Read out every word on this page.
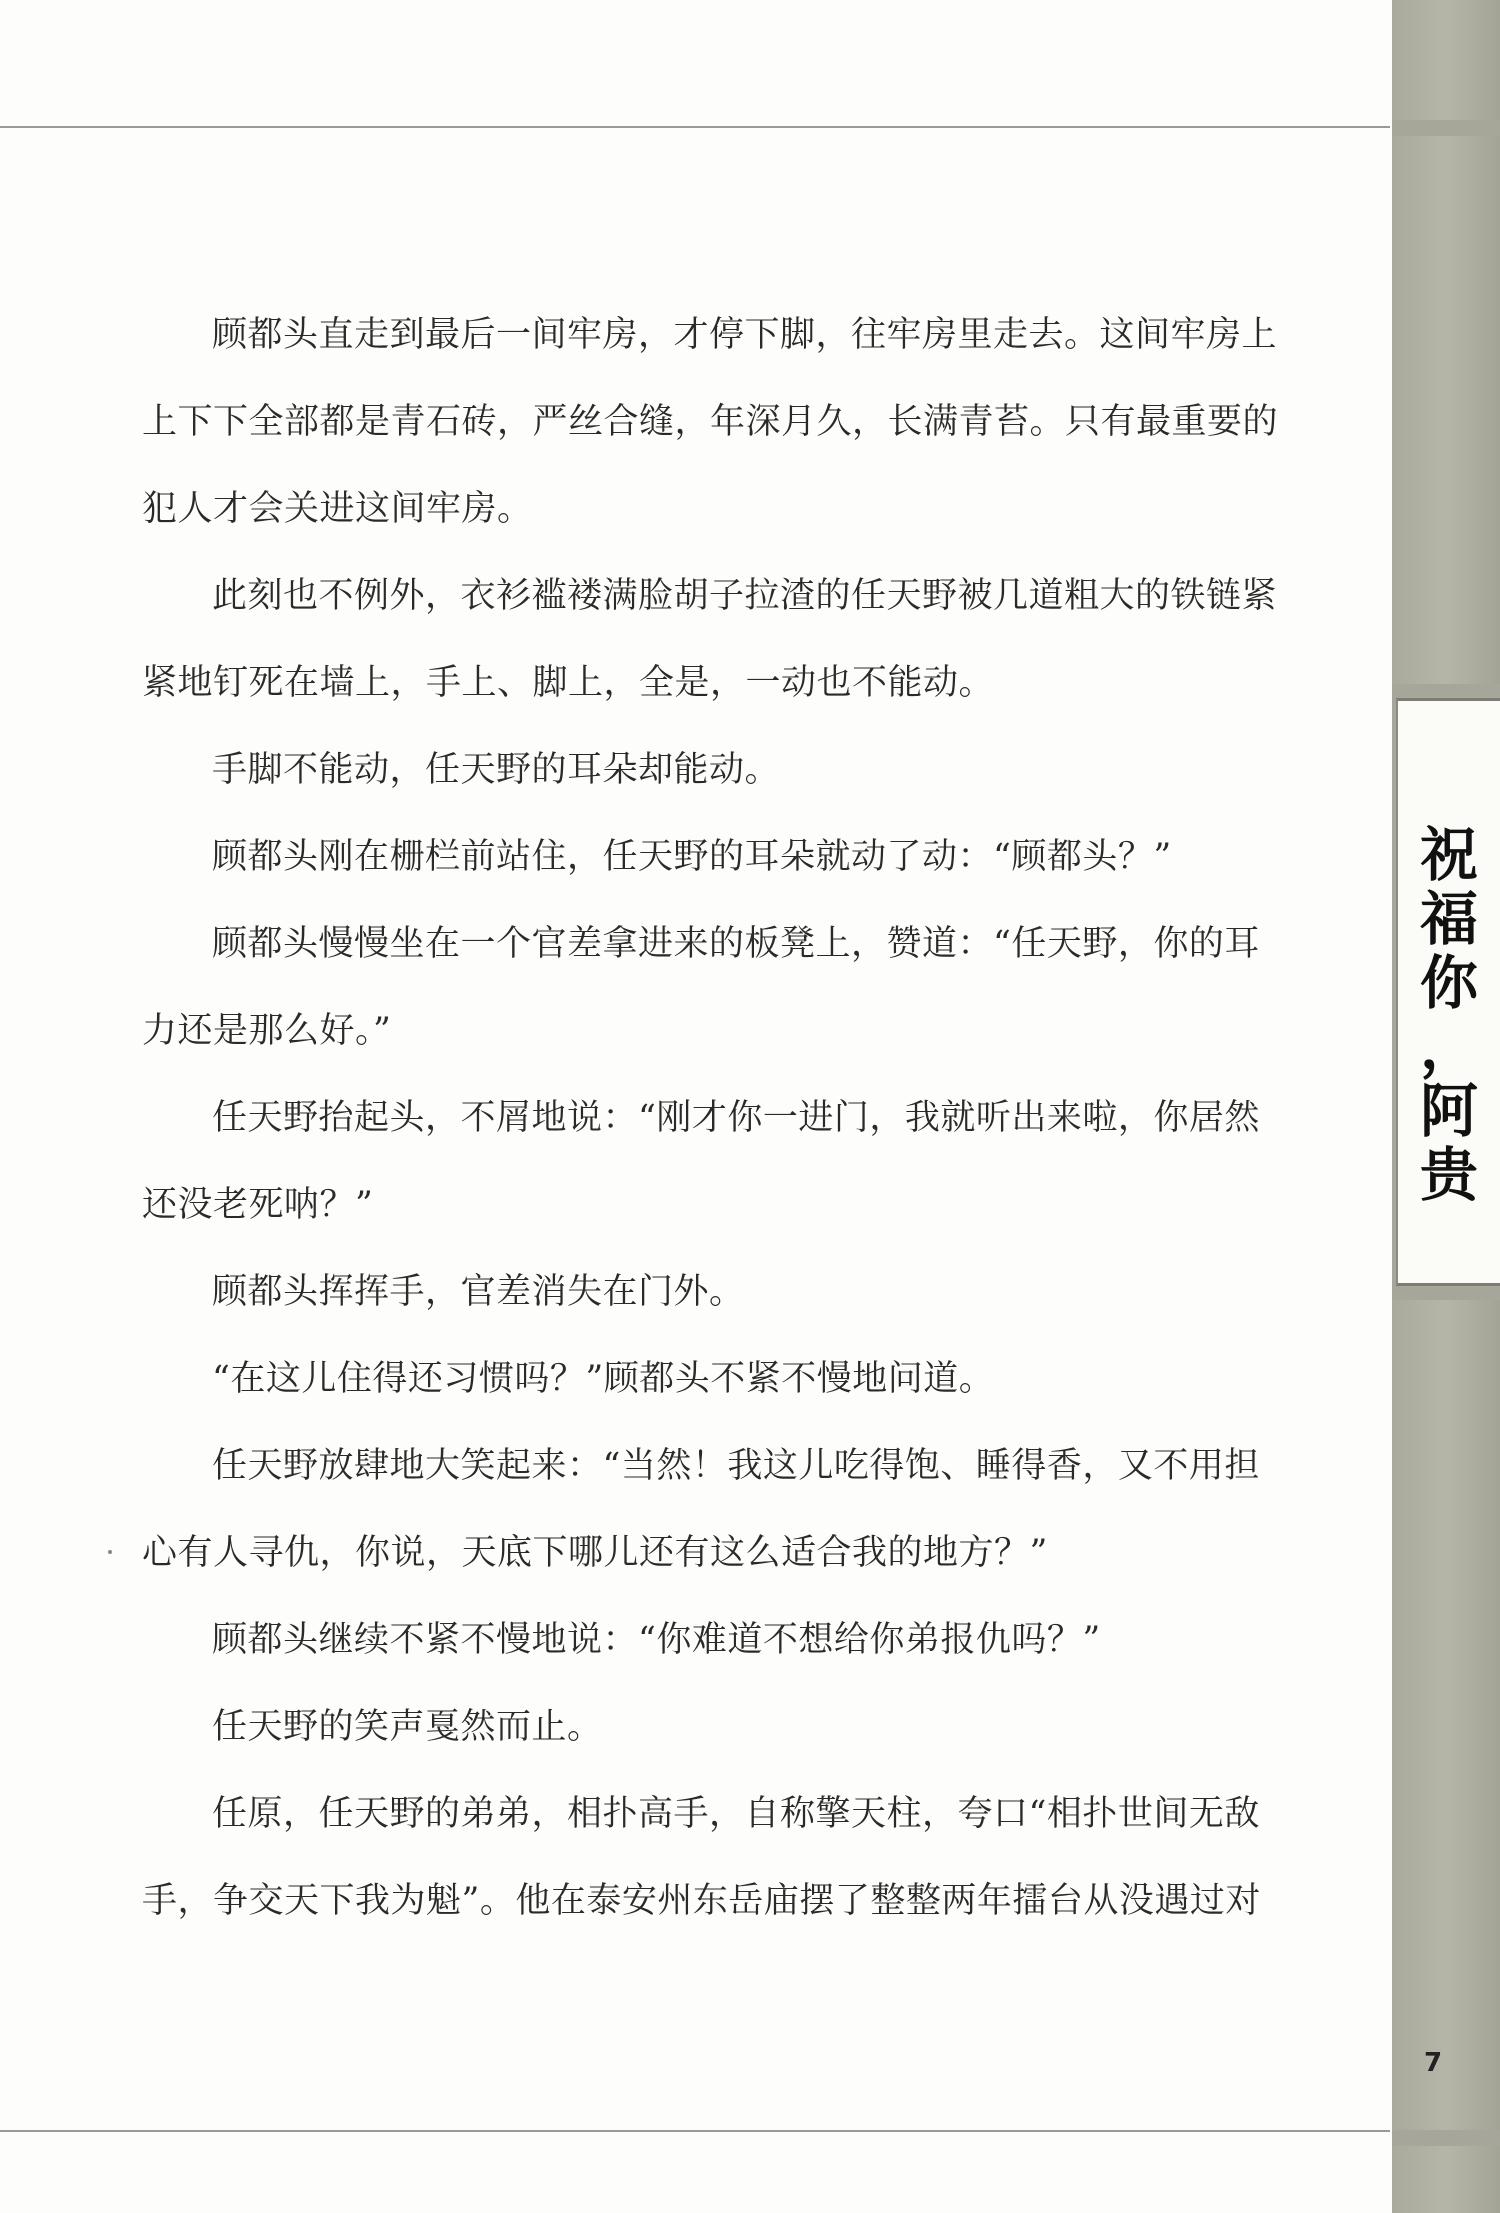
祝
福
你
，
阿
贵

顾都头直走到最后一间牢房，才停下脚，往牢房里走去。这间牢房上上下下全部都是青石砖，严丝合缝，年深月久，长满青苔。只有最重要的犯人才会关进这间牢房。

此刻也不例外，衣衫褴褛满脸胡子拉渣的任天野被几道粗大的铁链紧紧地钉死在墙上，手上、脚上，全是，一动也不能动。

手脚不能动，任天野的耳朵却能动。

顾都头刚在栅栏前站住，任天野的耳朵就动了动：“顾都头？”

顾都头慢慢坐在一个官差拿进来的板凳上，赞道：“任天野，你的耳力还是那么好。”

任天野抬起头，不屑地说：“刚才你一进门，我就听出来啦，你居然还没老死呐？”

顾都头挥挥手，官差消失在门外。

“在这儿住得还习惯吗？”顾都头不紧不慢地问道。

任天野放肆地大笑起来：“当然！我这儿吃得饱、睡得香，又不用担心有人寻仇，你说，天底下哪儿还有这么适合我的地方？”

顾都头继续不紧不慢地说：“你难道不想给你弟报仇吗？”

任天野的笑声戛然而止。

任原，任天野的弟弟，相扑高手，自称擎天柱，夸口“相扑世间无敌手，争交天下我为魁”。他在泰安州东岳庙摆了整整两年擂台从没遇过对

7
